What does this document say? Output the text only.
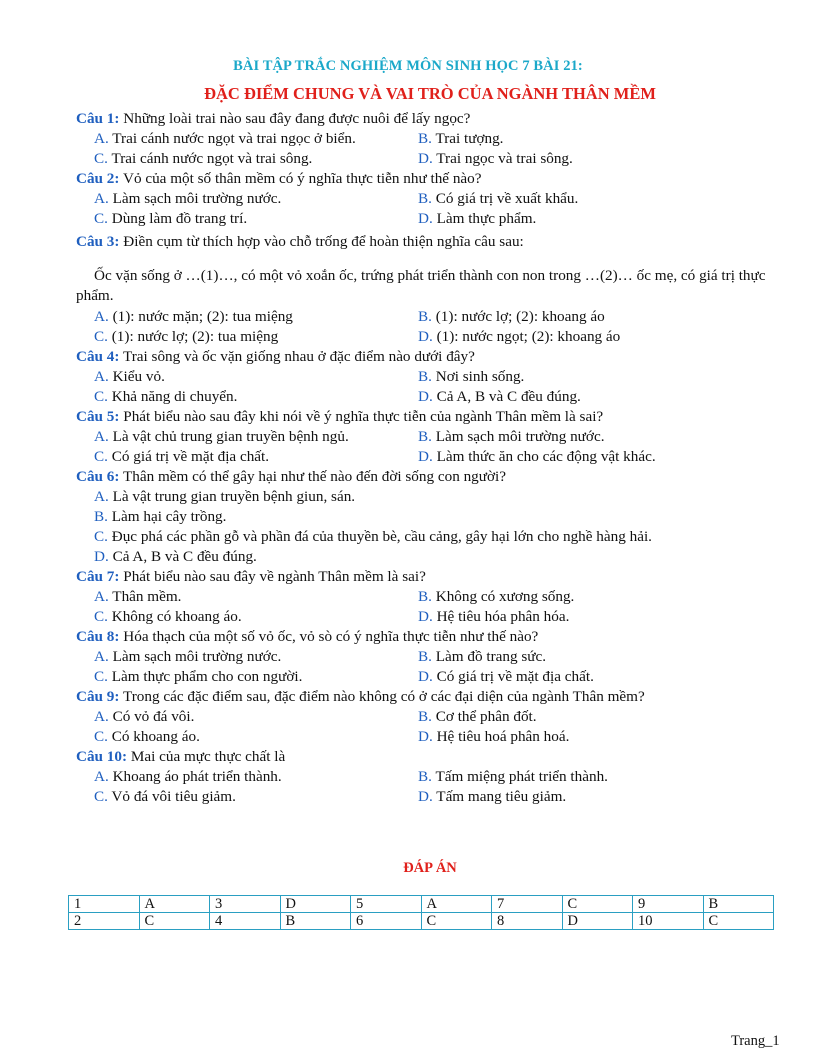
BÀI TẬP TRẮC NGHIỆM MÔN SINH HỌC 7 BÀI 21:
ĐẶC ĐIỂM CHUNG VÀ VAI TRÒ CỦA NGÀNH THÂN MỀM
Câu 1: Những loài trai nào sau đây đang được nuôi để lấy ngọc?
A. Trai cánh nước ngọt và trai ngọc ở biển.	B. Trai tượng.
C. Trai cánh nước ngọt và trai sông.	D. Trai ngọc và trai sông.
Câu 2: Vỏ của một số thân mềm có ý nghĩa thực tiễn như thế nào?
A. Làm sạch môi trường nước.	B. Có giá trị về xuất khẩu.
C. Dùng làm đồ trang trí.	D. Làm thực phẩm.
Câu 3: Điền cụm từ thích hợp vào chỗ trống để hoàn thiện nghĩa câu sau:
Ốc vặn sống ở …(1)…, có một vỏ xoắn ốc, trứng phát triển thành con non trong …(2)… ốc mẹ, có giá trị thực phẩm.
A. (1): nước mặn; (2): tua miệng	B. (1): nước lợ; (2): khoang áo
C. (1): nước lợ; (2): tua miệng	D. (1): nước ngọt; (2): khoang áo
Câu 4: Trai sông và ốc vặn giống nhau ở đặc điểm nào dưới đây?
A. Kiểu vỏ.	B. Nơi sinh sống.
C. Khả năng di chuyển.	D. Cả A, B và C đều đúng.
Câu 5: Phát biểu nào sau đây khi nói về ý nghĩa thực tiễn của ngành Thân mềm là sai?
A. Là vật chủ trung gian truyền bệnh ngủ.	B. Làm sạch môi trường nước.
C. Có giá trị về mặt địa chất.	D. Làm thức ăn cho các động vật khác.
Câu 6: Thân mềm có thể gây hại như thế nào đến đời sống con người?
A. Là vật trung gian truyền bệnh giun, sán.
B. Làm hại cây trồng.
C. Đục phá các phần gỗ và phần đá của thuyền bè, cầu cảng, gây hại lớn cho nghề hàng hải.
D. Cả A, B và C đều đúng.
Câu 7: Phát biểu nào sau đây về ngành Thân mềm là sai?
A. Thân mềm.	B. Không có xương sống.
C. Không có khoang áo.	D. Hệ tiêu hóa phân hóa.
Câu 8: Hóa thạch của một số vỏ ốc, vỏ sò có ý nghĩa thực tiễn như thế nào?
A. Làm sạch môi trường nước.	B. Làm đồ trang sức.
C. Làm thực phẩm cho con người.	D. Có giá trị về mặt địa chất.
Câu 9: Trong các đặc điểm sau, đặc điểm nào không có ở các đại diện của ngành Thân mềm?
A. Có vỏ đá vôi.	B. Cơ thể phân đốt.
C. Có khoang áo.	D. Hệ tiêu hoá phân hoá.
Câu 10: Mai của mực thực chất là
A. Khoang áo phát triển thành.	B. Tấm miệng phát triển thành.
C. Vỏ đá vôi tiêu giảm.	D. Tấm mang tiêu giảm.
ĐÁP ÁN
1	A	3	D	5	A	7	C	9	B
2	C	4	B	6	C	8	D	10	C
Trang_1
